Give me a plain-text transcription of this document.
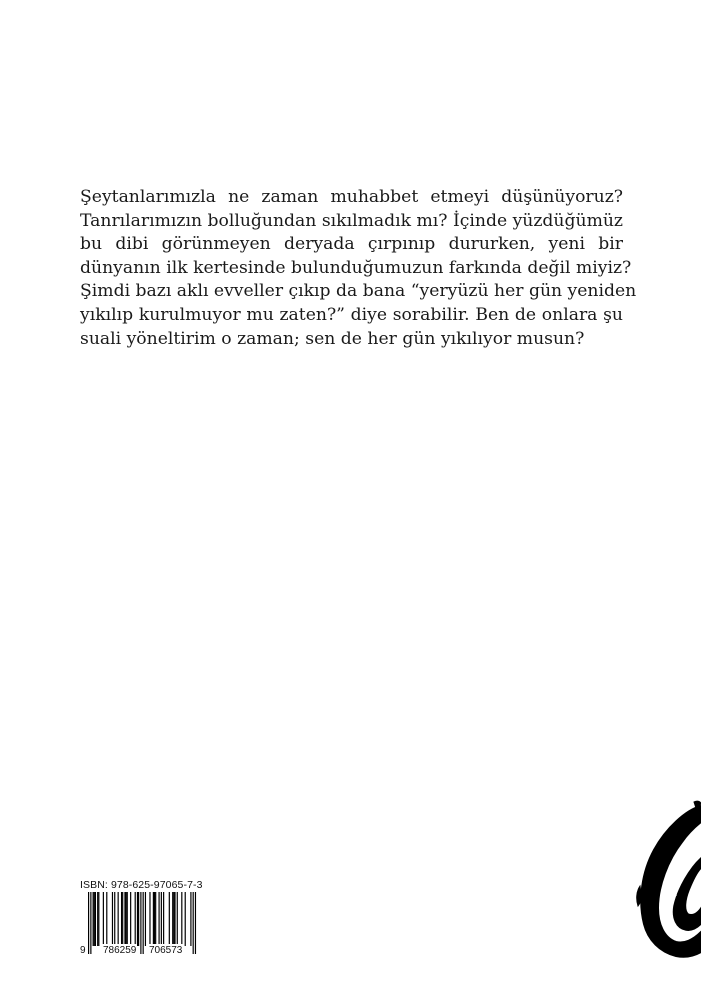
Şeytanlarımızla ne zaman muhabbet etmeyi düşünüyoruz?
Tanrılarımızın bolluğundan sıkılmadık mı? İçinde yüzdüğümüz
bu dibi görünmeyen deryada çırpınıp dururken, yeni bir
dünyanın ilk kertesinde bulunduğumuzun farkında değil miyiz?
Şimdi bazı aklı evveller çıkıp da bana “yeryüzü her gün yeniden
yıkılıp kurulmuyor mu zaten?” diye sorabilir. Ben de onlara şu
suali yöneltirim o zaman; sen de her gün yıkılıyor musun?
ISBN: 978-625-97065-7-3
9 786259 706573
